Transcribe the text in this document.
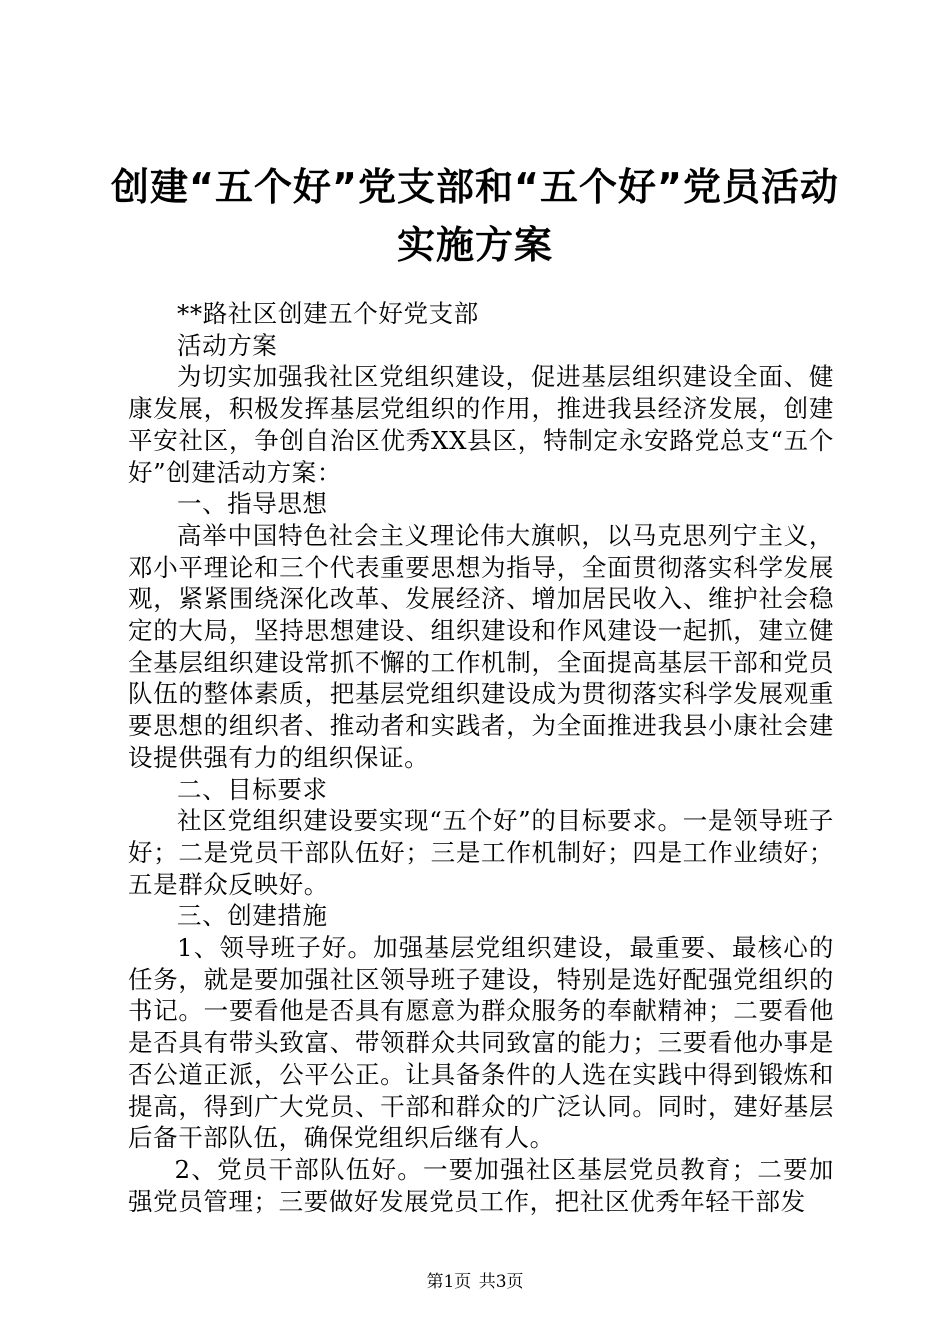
创建“五个好”党支部和“五个好”党员活动
实施方案

**路社区创建五个好党支部

活动方案

为切实加强我社区党组织建设，促进基层组织建设全面、健康发展，积极发挥基层党组织的作用，推进我县经济发展，创建平安社区，争创自治区优秀XX县区，特制定永安路党总支“五个好”创建活动方案：

一、指导思想

高举中国特色社会主义理论伟大旗帜，以马克思列宁主义，邓小平理论和三个代表重要思想为指导，全面贯彻落实科学发展观，紧紧围绕深化改革、发展经济、增加居民收入、维护社会稳定的大局，坚持思想建设、组织建设和作风建设一起抓，建立健全基层组织建设常抓不懈的工作机制，全面提高基层干部和党员队伍的整体素质，把基层党组织建设成为贯彻落实科学发展观重要思想的组织者、推动者和实践者，为全面推进我县小康社会建设提供强有力的组织保证。

二、目标要求

社区党组织建设要实现“五个好”的目标要求。一是领导班子好；二是党员干部队伍好；三是工作机制好；四是工作业绩好；五是群众反映好。

三、创建措施

1、领导班子好。加强基层党组织建设，最重要、最核心的任务，就是要加强社区领导班子建设，特别是选好配强党组织的书记。一要看他是否具有愿意为群众服务的奉献精神；二要看他是否具有带头致富、带领群众共同致富的能力；三要看他办事是否公道正派，公平公正。让具备条件的人选在实践中得到锻炼和提高，得到广大党员、干部和群众的广泛认同。同时，建好基层后备干部队伍，确保党组织后继有人。

2、党员干部队伍好。一要加强社区基层党员教育；二要加强党员管理；三要做好发展党员工作，把社区优秀年轻干部发

第1页 共3页
